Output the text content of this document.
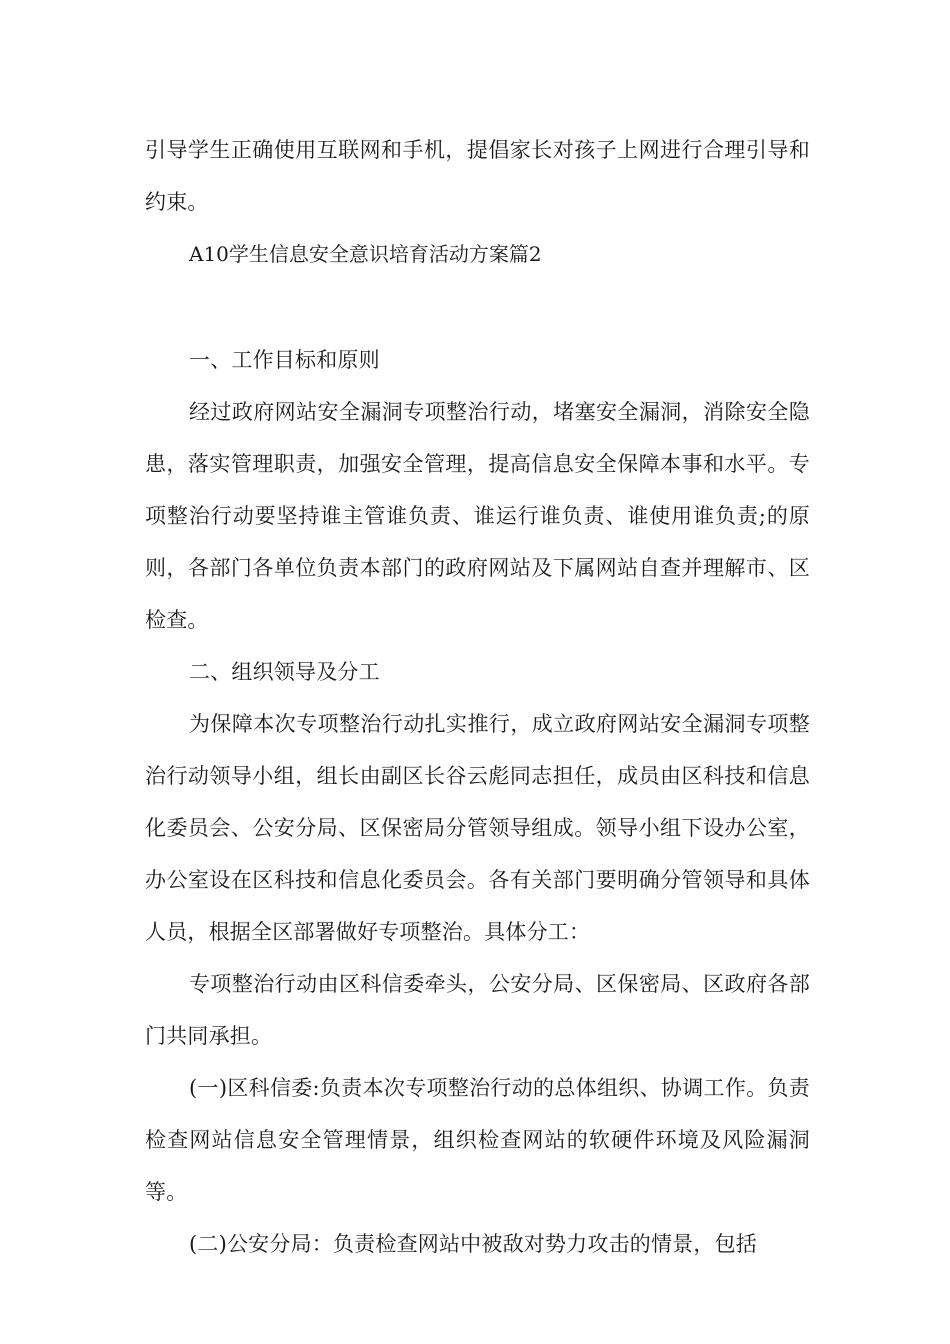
引导学生正确使用互联网和手机，提倡家长对孩子上网进行合理引导和约束。

A10学生信息安全意识培育活动方案篇2

一、工作目标和原则

经过政府网站安全漏洞专项整治行动，堵塞安全漏洞，消除安全隐患，落实管理职责，加强安全管理，提高信息安全保障本事和水平。专项整治行动要坚持谁主管谁负责、谁运行谁负责、谁使用谁负责;的原则，各部门各单位负责本部门的政府网站及下属网站自查并理解市、区检查。

二、组织领导及分工

为保障本次专项整治行动扎实推行，成立政府网站安全漏洞专项整治行动领导小组，组长由副区长谷云彪同志担任，成员由区科技和信息化委员会、公安分局、区保密局分管领导组成。领导小组下设办公室，办公室设在区科技和信息化委员会。各有关部门要明确分管领导和具体人员，根据全区部署做好专项整治。具体分工：

专项整治行动由区科信委牵头，公安分局、区保密局、区政府各部门共同承担。

(一)区科信委:负责本次专项整治行动的总体组织、协调工作。负责检查网站信息安全管理情景，组织检查网站的软硬件环境及风险漏洞等。

(二)公安分局：负责检查网站中被敌对势力攻击的情景，包括
